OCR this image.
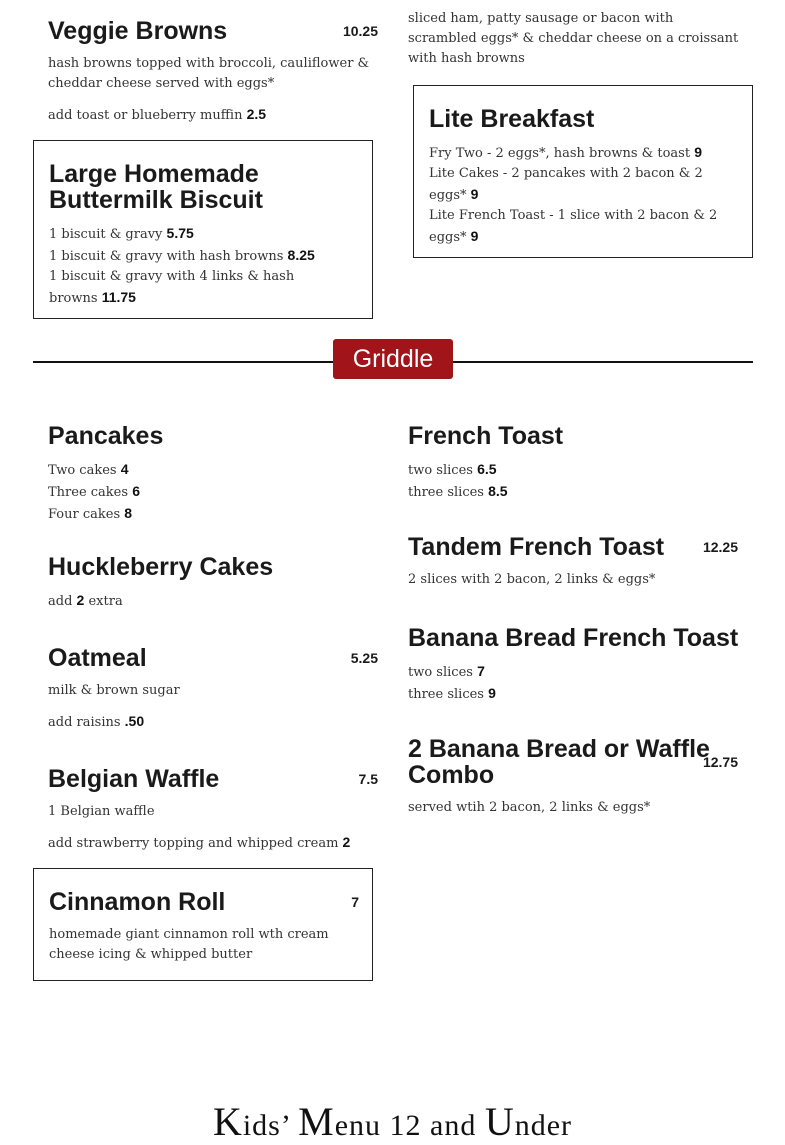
Veggie Browns	10.25
hash browns topped with broccoli, cauliflower & cheddar cheese served with eggs*
add toast or blueberry muffin 2.5
Large Homemade
Buttermilk Biscuit
1 biscuit & gravy 5.75
1 biscuit & gravy with hash browns 8.25
1 biscuit & gravy with 4 links & hash
browns 11.75
sliced ham, patty sausage or bacon with
scrambled eggs* & cheddar cheese on a croissant
with hash browns
Lite Breakfast
Fry Two - 2 eggs*, hash browns & toast 9
Lite Cakes - 2 pancakes with 2 bacon & 2
eggs* 9
Lite French Toast - 1 slice with 2 bacon & 2
eggs* 9
Griddle
Pancakes
Two cakes 4
Three cakes 6
Four cakes 8
Huckleberry Cakes
add 2 extra
Oatmeal	5.25
milk & brown sugar
add raisins .50
Belgian Waffle	7.5
1 Belgian waffle
add strawberry topping and whipped cream 2
Cinnamon Roll	7
homemade giant cinnamon roll wth cream cheese icing & whipped butter
French Toast
two slices 6.5
three slices 8.5
Tandem French Toast	12.25
2 slices with 2 bacon, 2 links & eggs*
Banana Bread French Toast
two slices 7
three slices 9
2 Banana Bread or Waffle
Combo	12.75
served wtih 2 bacon, 2 links & eggs*
Kids’ Menu 12 and Under
